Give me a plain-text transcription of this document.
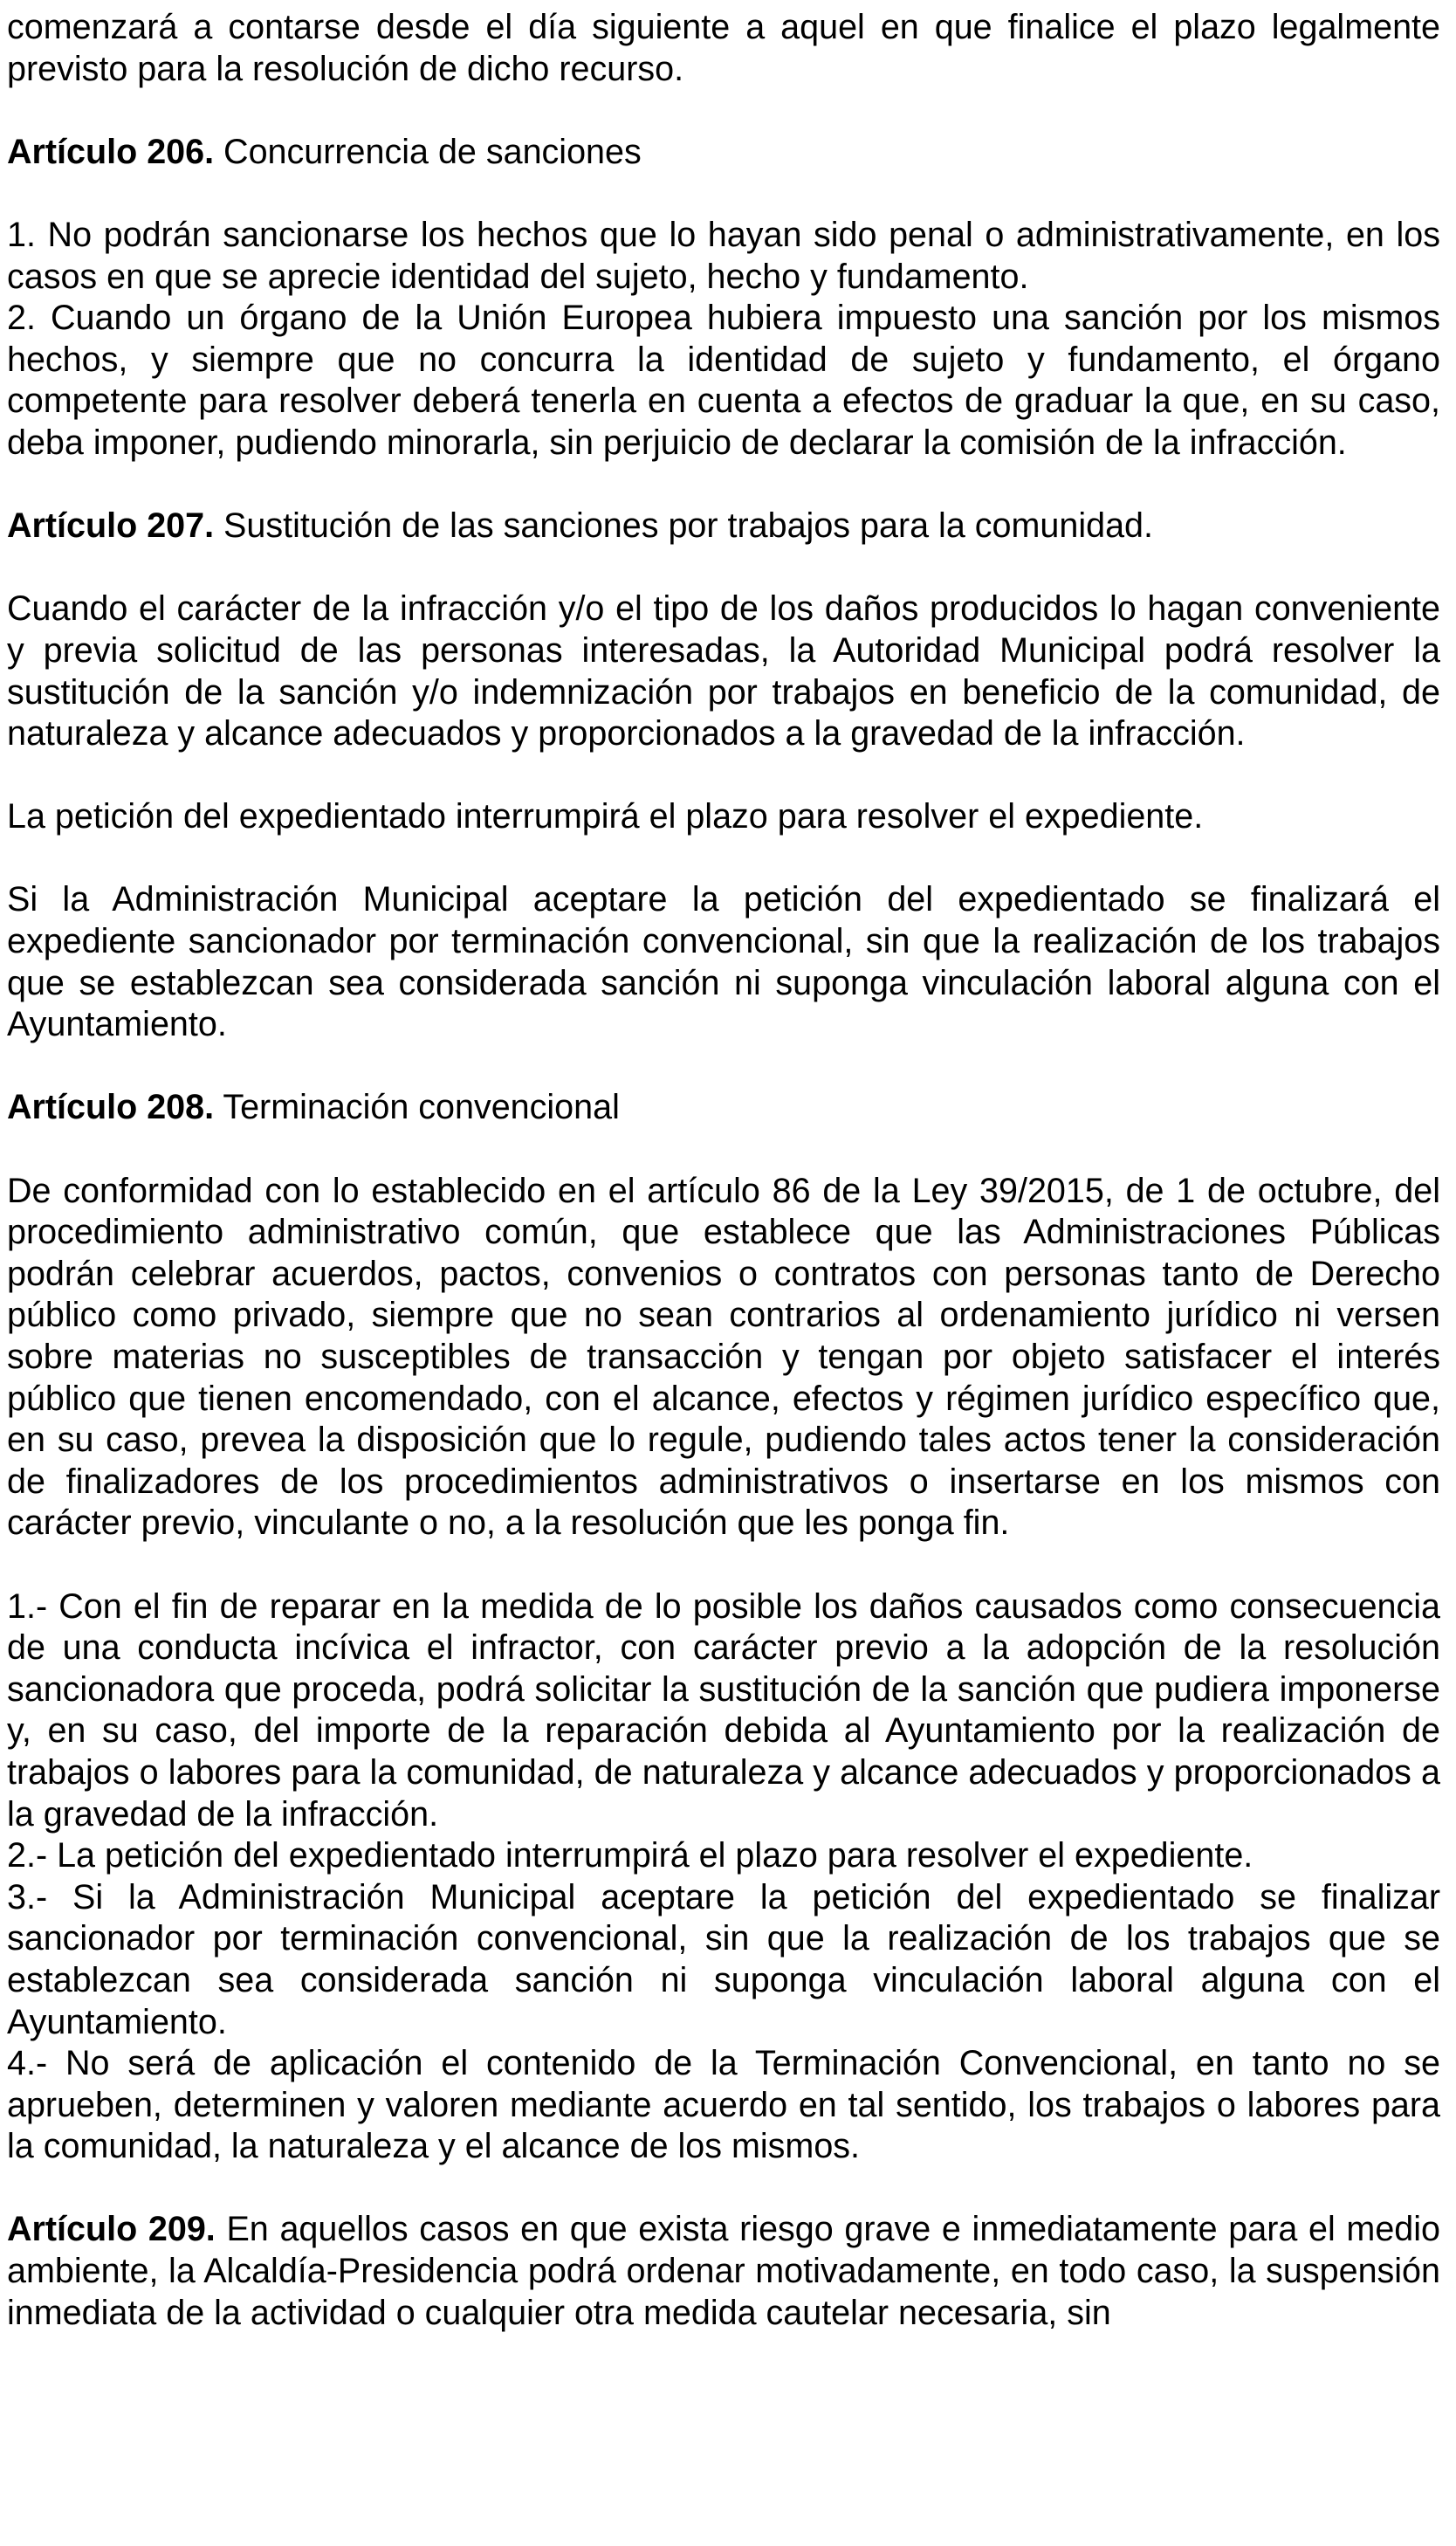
comenzará a contarse desde el día siguiente a aquel en que finalice el plazo legalmente previsto para la resolución de dicho recurso.

Artículo 206. Concurrencia de sanciones

1. No podrán sancionarse los hechos que lo hayan sido penal o administrativamente, en los casos en que se aprecie identidad del sujeto, hecho y fundamento.

2. Cuando un órgano de la Unión Europea hubiera impuesto una sanción por los mismos hechos, y siempre que no concurra la identidad de sujeto y fundamento, el órgano competente para resolver deberá tenerla en cuenta a efectos de graduar la que, en su caso, deba imponer, pudiendo minorarla, sin perjuicio de declarar la comisión de la infracción.

Artículo 207. Sustitución de las sanciones por trabajos para la comunidad.

Cuando el carácter de la infracción y/o el tipo de los daños producidos lo hagan conveniente y previa solicitud de las personas interesadas, la Autoridad Municipal podrá resolver la sustitución de la sanción y/o indemnización por trabajos en beneficio de la comunidad, de naturaleza y alcance adecuados y proporcionados a la gravedad de la infracción.

La petición del expedientado interrumpirá el plazo para resolver el expediente.

Si la Administración Municipal aceptare la petición del expedientado se finalizará el expediente sancionador por terminación convencional, sin que la realización de los trabajos que se establezcan sea considerada sanción ni suponga vinculación laboral alguna con el Ayuntamiento.

Artículo 208. Terminación convencional

De conformidad con lo establecido en el artículo 86 de la Ley 39/2015, de 1 de octubre, del procedimiento administrativo común, que establece que las Administraciones Públicas podrán celebrar acuerdos, pactos, convenios o contratos con personas tanto de Derecho público como privado, siempre que no sean contrarios al ordenamiento jurídico ni versen sobre materias no susceptibles de transacción y tengan por objeto satisfacer el interés público que tienen encomendado, con el alcance, efectos y régimen jurídico específico que, en su caso, prevea la disposición que lo regule, pudiendo tales actos tener la consideración de finalizadores de los procedimientos administrativos o insertarse en los mismos con carácter previo, vinculante o no, a la resolución que les ponga fin.

1.- Con el fin de reparar en la medida de lo posible los daños causados como consecuencia de una conducta incívica el infractor, con carácter previo a la adopción de la resolución sancionadora que proceda, podrá solicitar la sustitución de la sanción que pudiera imponerse y, en su caso, del importe de la reparación debida al Ayuntamiento por la realización de trabajos o labores para la comunidad, de naturaleza y alcance adecuados y proporcionados a la gravedad de la infracción.

2.- La petición del expedientado interrumpirá el plazo para resolver el expediente.

3.- Si la Administración Municipal aceptare la petición del expedientado se finalizar sancionador por terminación convencional, sin que la realización de los trabajos que se establezcan sea considerada sanción ni suponga vinculación laboral alguna con el Ayuntamiento.

4.- No será de aplicación el contenido de la Terminación Convencional, en tanto no se aprueben, determinen y valoren mediante acuerdo en tal sentido, los trabajos o labores para la comunidad, la naturaleza y el alcance de los mismos.

Artículo 209. En aquellos casos en que exista riesgo grave e inmediatamente para el medio ambiente, la Alcaldía-Presidencia podrá ordenar motivadamente, en todo caso, la suspensión inmediata de la actividad o cualquier otra medida cautelar necesaria, sin
